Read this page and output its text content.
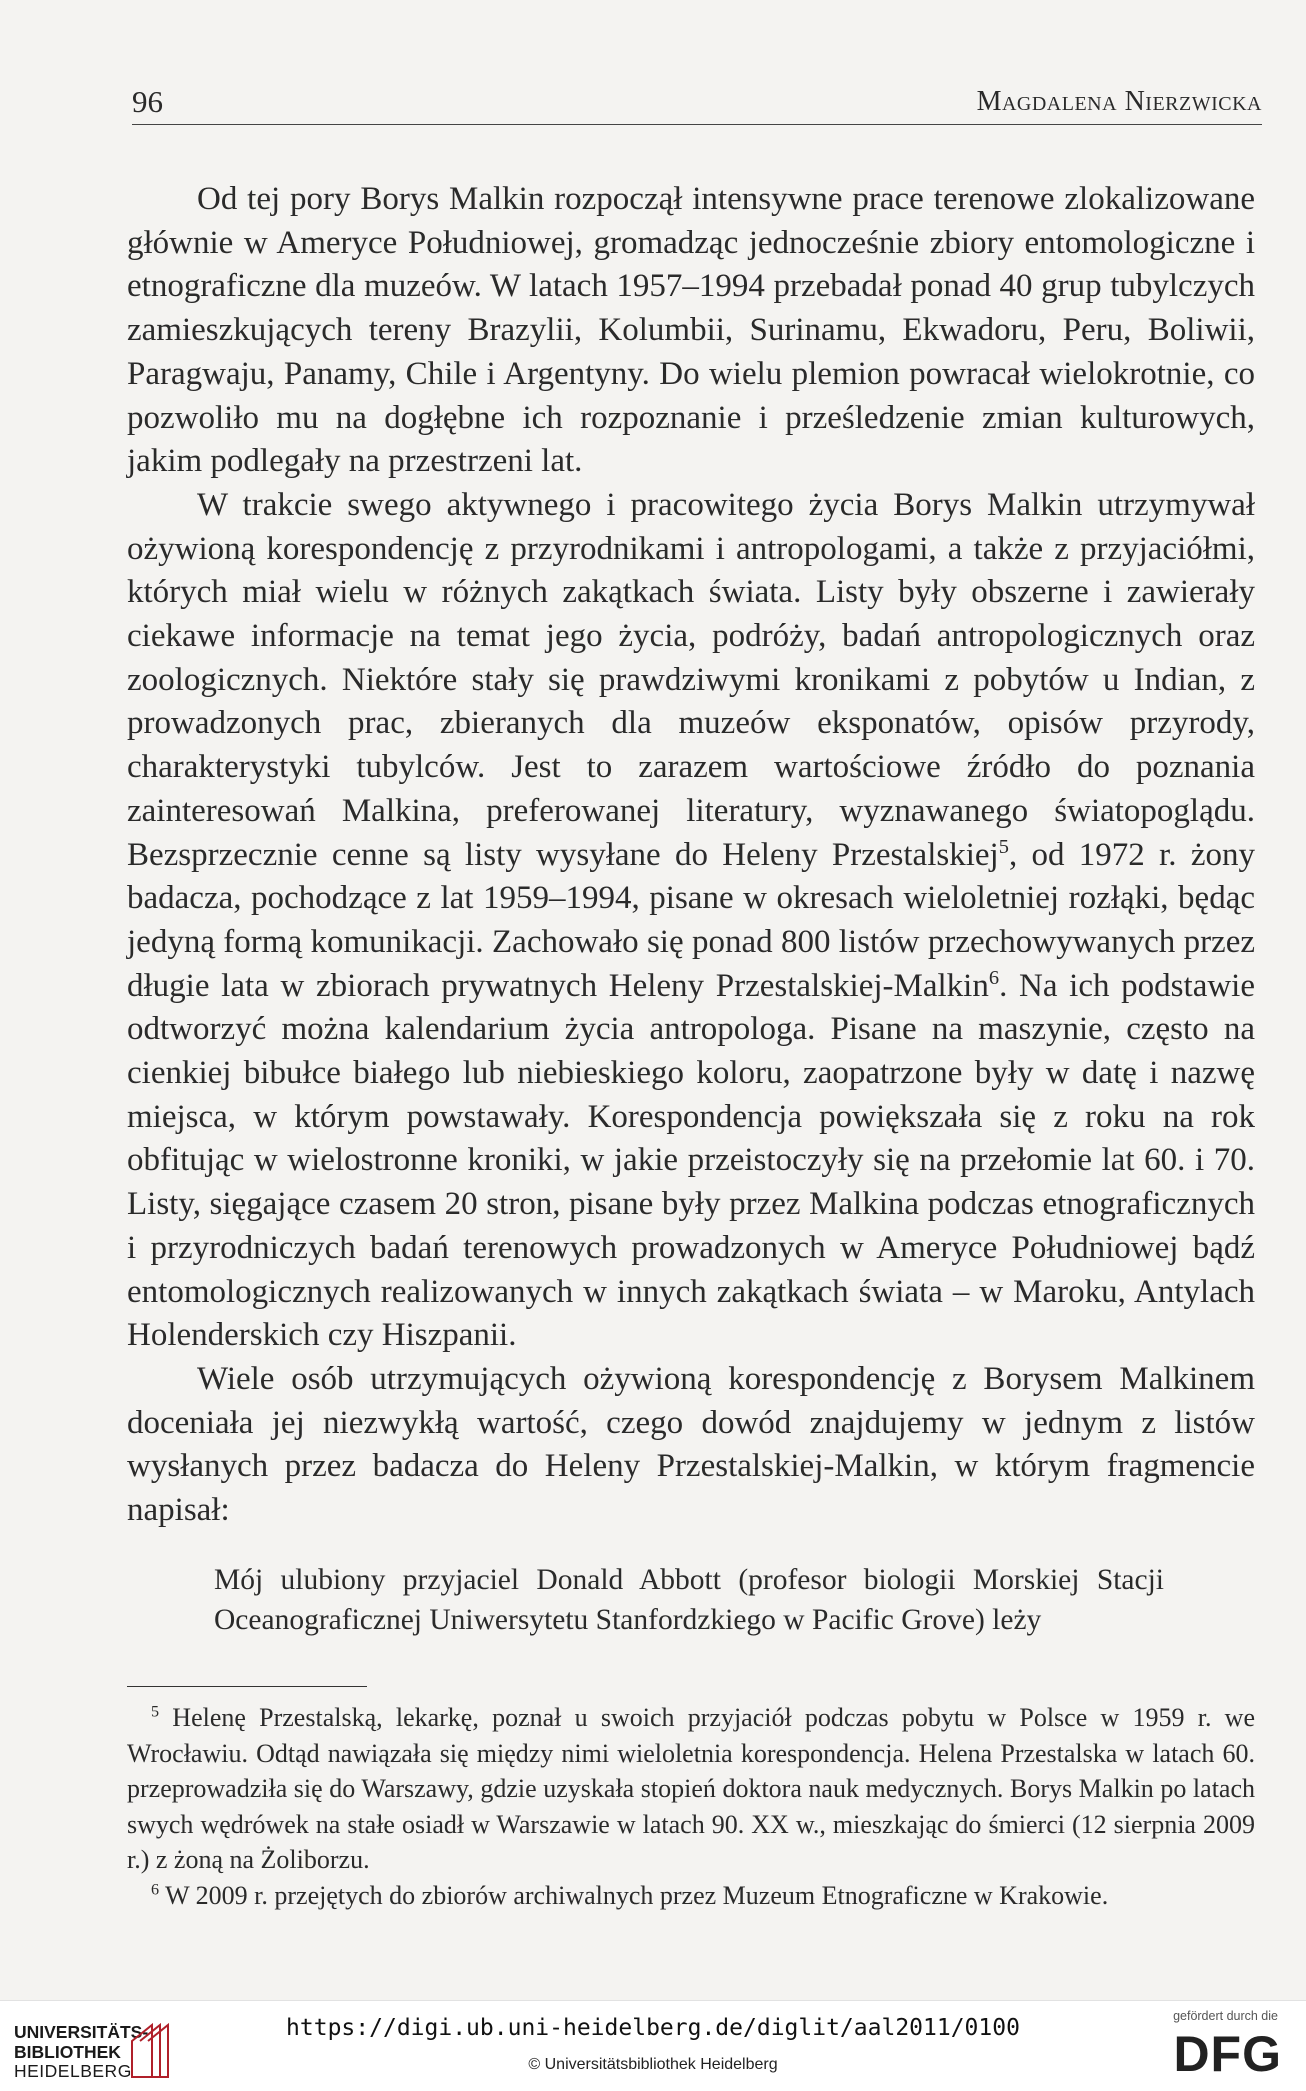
96	Magdalena Nierzwicka

Od tej pory Borys Malkin rozpoczął intensywne prace terenowe zlokalizowane głównie w Ameryce Południowej, gromadząc jednocześnie zbiory entomologiczne i etnograficzne dla muzeów. W latach 1957–1994 przebadał ponad 40 grup tubylczych zamieszkujących tereny Brazylii, Kolumbii, Surinamu, Ekwadoru, Peru, Boliwii, Paragwaju, Panamy, Chile i Argentyny. Do wielu plemion powracał wielokrotnie, co pozwoliło mu na dogłębne ich rozpoznanie i prześledzenie zmian kulturowych, jakim podlegały na przestrzeni lat.

W trakcie swego aktywnego i pracowitego życia Borys Malkin utrzymywał ożywioną korespondencję z przyrodnikami i antropologami, a także z przyjaciółmi, których miał wielu w różnych zakątkach świata. Listy były obszerne i zawierały ciekawe informacje na temat jego życia, podróży, badań antropologicznych oraz zoologicznych. Niektóre stały się prawdziwymi kronikami z pobytów u Indian, z prowadzonych prac, zbieranych dla muzeów eksponatów, opisów przyrody, charakterystyki tubylców. Jest to zarazem wartościowe źródło do poznania zainteresowań Malkina, preferowanej literatury, wyznawanego światopoglądu. Bezsprzecznie cenne są listy wysyłane do Heleny Przestalskiej$^5$, od 1972 r. żony badacza, pochodzące z lat 1959–1994, pisane w okresach wieloletniej rozłąki, będąc jedyną formą komunikacji. Zachowało się ponad 800 listów przechowywanych przez długie lata w zbiorach prywatnych Heleny Przestalskiej-Malkin$^6$. Na ich podstawie odtworzyć można kalendarium życia antropologa. Pisane na maszynie, często na cienkiej bibułce białego lub niebieskiego koloru, zaopatrzone były w datę i nazwę miejsca, w którym powstawały. Korespondencja powiększała się z roku na rok obfitując w wielostronne kroniki, w jakie przeistoczyły się na przełomie lat 60. i 70. Listy, sięgające czasem 20 stron, pisane były przez Malkina podczas etnograficznych i przyrodniczych badań terenowych prowadzonych w Ameryce Południowej bądź entomologicznych realizowanych w innych zakątkach świata – w Maroku, Antylach Holenderskich czy Hiszpanii.

Wiele osób utrzymujących ożywioną korespondencję z Borysem Malkinem doceniała jej niezwykłą wartość, czego dowód znajdujemy w jednym z listów wysłanych przez badacza do Heleny Przestalskiej-Malkin, w którym fragmencie napisał:

Mój ulubiony przyjaciel Donald Abbott (profesor biologii Morskiej Stacji Oceanograficznej Uniwersytetu Stanfordzkiego w Pacific Grove) leży

$^5$ Helenę Przestalską, lekarkę, poznał u swoich przyjaciół podczas pobytu w Polsce w 1959 r. we Wrocławiu. Odtąd nawiązała się między nimi wieloletnia korespondencja. Helena Przestalska w latach 60. przeprowadziła się do Warszawy, gdzie uzyskała stopień doktora nauk medycznych. Borys Malkin po latach swych wędrówek na stałe osiadł w Warszawie w latach 90. XX w., mieszkając do śmierci (12 sierpnia 2009 r.) z żoną na Żoliborzu.

$^6$ W 2009 r. przejętych do zbiorów archiwalnych przez Muzeum Etnograficzne w Krakowie.

UNIVERSITÄTS-
BIBLIOTHEK
HEIDELBERG
https://digi.ub.uni-heidelberg.de/diglit/aal2011/0100
© Universitätsbibliothek Heidelberg
gefördert durch die
DFG
